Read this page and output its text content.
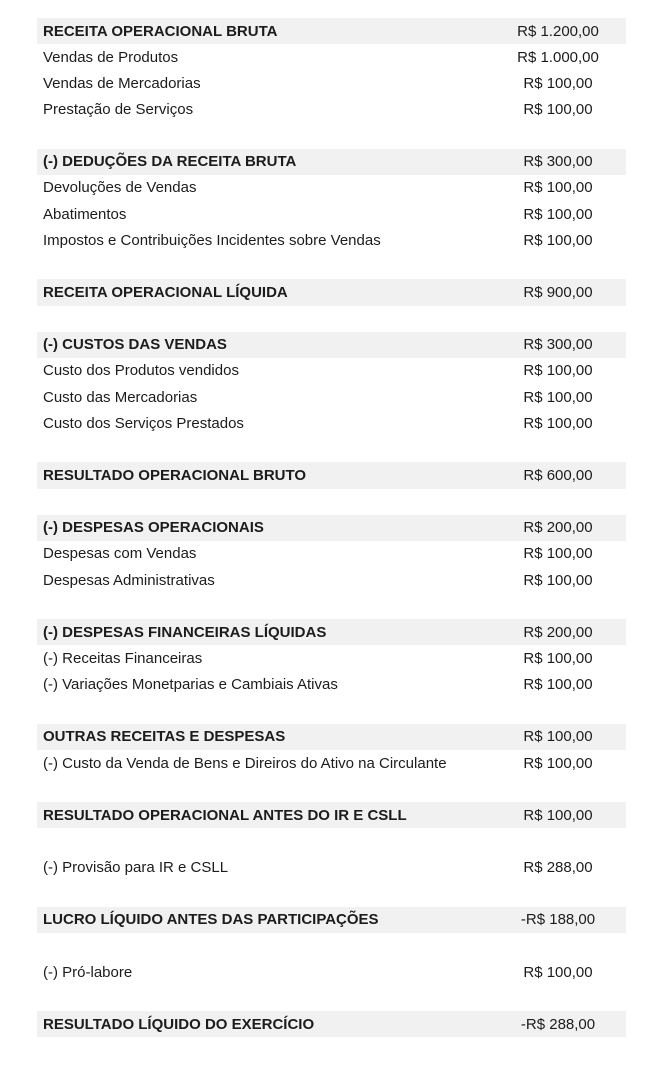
RECEITA OPERACIONAL BRUTA	R$ 1.200,00
Vendas de Produtos	R$ 1.000,00
Vendas de Mercadorias	R$ 100,00
Prestação de Serviços	R$ 100,00
(-) DEDUÇÕES DA RECEITA BRUTA	R$ 300,00
Devoluções de Vendas	R$ 100,00
Abatimentos	R$ 100,00
Impostos e Contribuições Incidentes sobre Vendas	R$ 100,00
RECEITA OPERACIONAL LÍQUIDA	R$ 900,00
(-) CUSTOS DAS VENDAS	R$ 300,00
Custo dos Produtos vendidos	R$ 100,00
Custo das Mercadorias	R$ 100,00
Custo dos Serviços Prestados	R$ 100,00
RESULTADO OPERACIONAL BRUTO	R$ 600,00
(-) DESPESAS OPERACIONAIS	R$ 200,00
Despesas com Vendas	R$ 100,00
Despesas Administrativas	R$ 100,00
(-) DESPESAS FINANCEIRAS LÍQUIDAS	R$ 200,00
(-) Receitas Financeiras	R$ 100,00
(-) Variações Monetparias e Cambiais Ativas	R$ 100,00
OUTRAS RECEITAS E DESPESAS	R$ 100,00
(-) Custo da Venda de Bens e Direiros do Ativo na Circulante	R$ 100,00
RESULTADO OPERACIONAL ANTES DO IR E CSLL	R$ 100,00
(-) Provisão para IR e CSLL	R$ 288,00
LUCRO LÍQUIDO ANTES DAS PARTICIPAÇÕES	-R$ 188,00
(-) Pró-labore	R$ 100,00
RESULTADO LÍQUIDO DO EXERCÍCIO	-R$ 288,00
